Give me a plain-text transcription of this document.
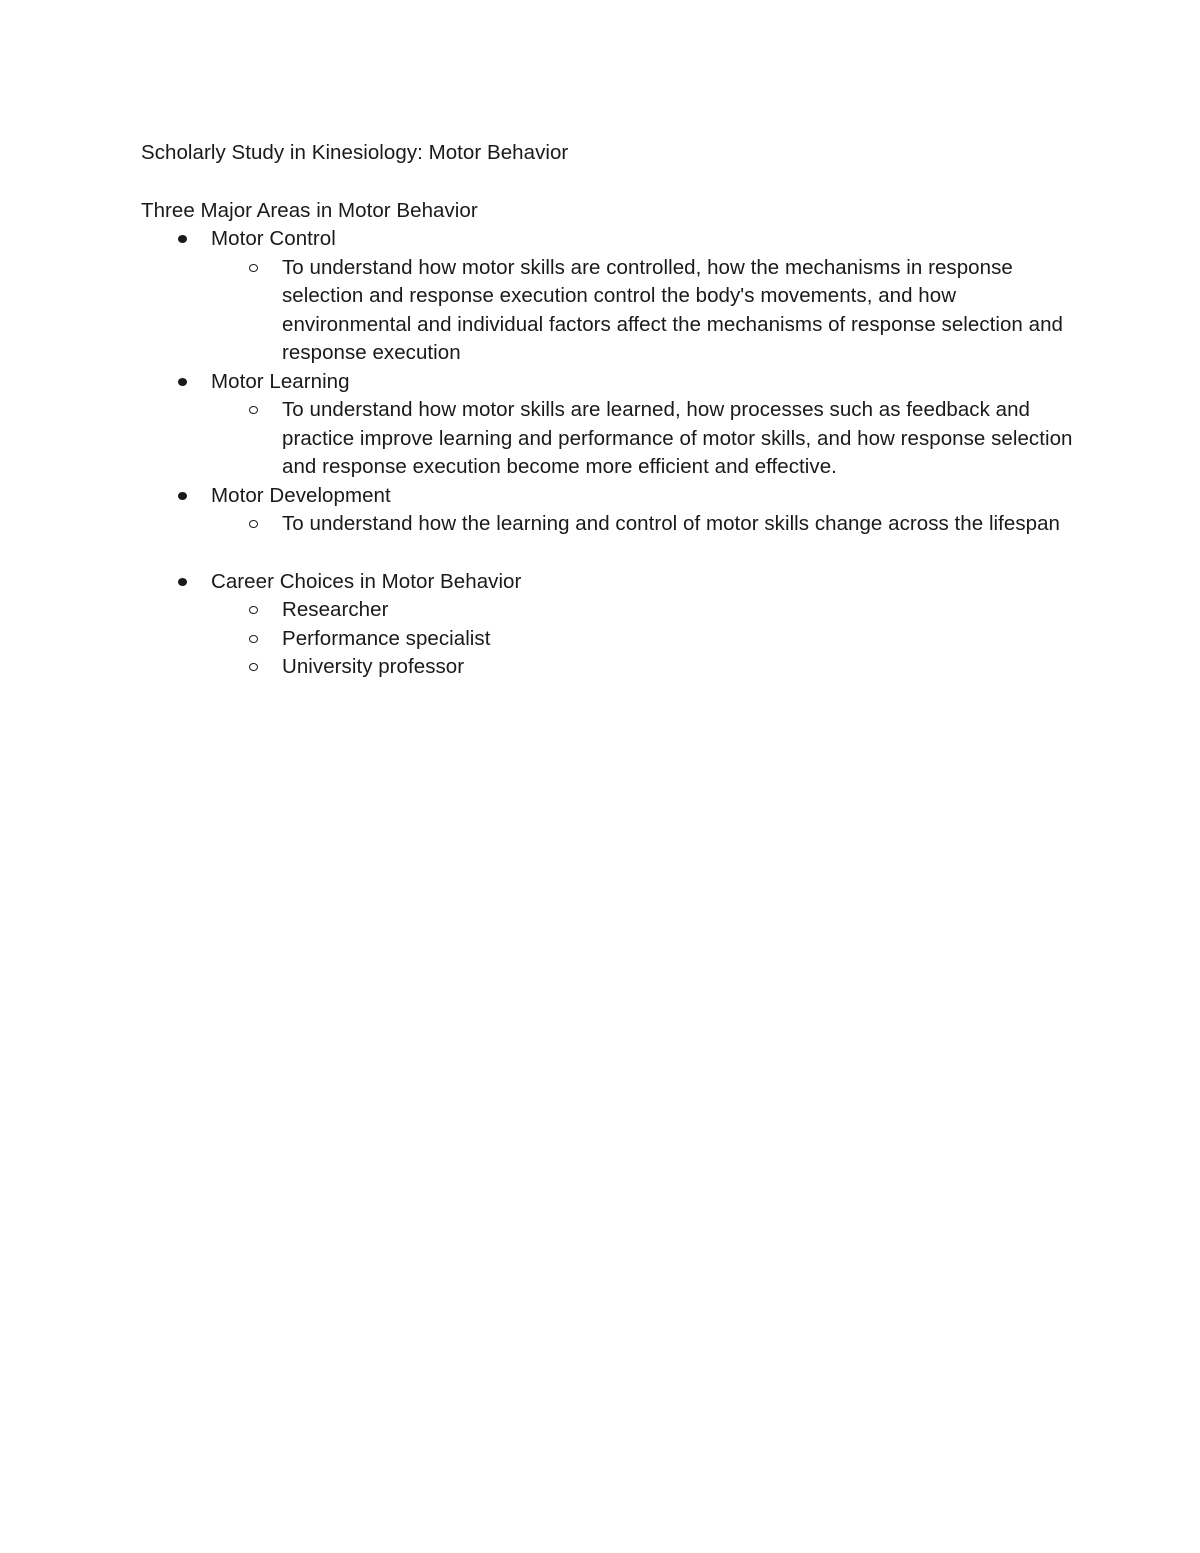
Scholarly Study in Kinesiology: Motor Behavior

Three Major Areas in Motor Behavior

Motor Control
To understand how motor skills are controlled, how the mechanisms in response selection and response execution control the body's movements, and how environmental and individual factors affect the mechanisms of response selection and response execution
Motor Learning
To understand how motor skills are learned, how processes such as feedback and practice improve learning and performance of motor skills, and how response selection and response execution become more efficient and effective.
Motor Development
To understand how the learning and control of motor skills change across the lifespan
Career Choices in Motor Behavior
Researcher
Performance specialist
University professor
